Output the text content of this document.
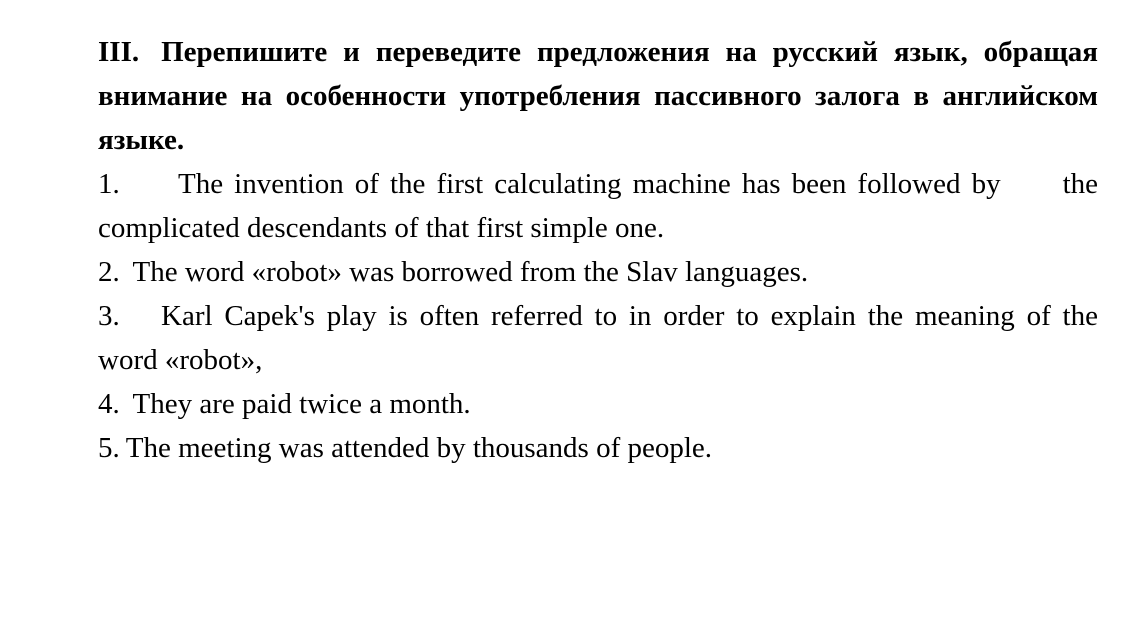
III. Перепишите и переведите предложения на русский язык, обращая внимание на особенности употребления пассивного залога в английском языке.

1. The invention of the first calculating machine has been followed by the complicated descendants of that first simple one.
2. The word «robot» was borrowed from the Slav languages.
3. Karl Capek's play is often referred to in order to explain the meaning of the word «robot»,
4. They are paid twice a month.
5. The meeting was attended by thousands of people.
